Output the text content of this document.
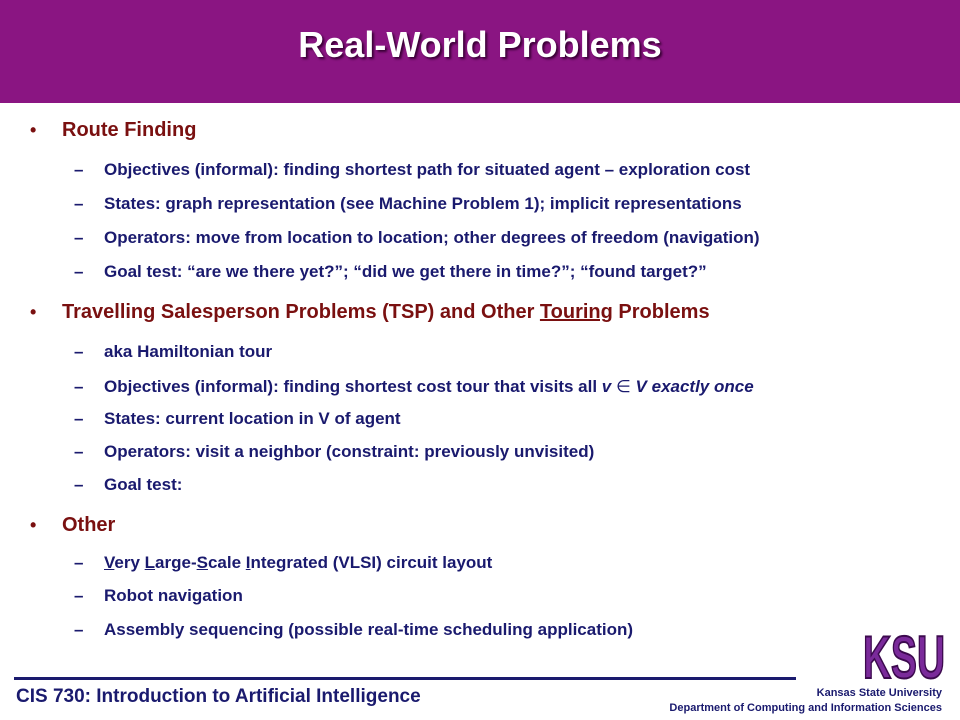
Real-World Problems
• Route Finding
– Objectives (informal): finding shortest path for situated agent – exploration cost
– States: graph representation (see Machine Problem 1); implicit representations
– Operators: move from location to location; other degrees of freedom (navigation)
– Goal test: “are we there yet?”; “did we get there in time?”; “found target?”
• Travelling Salesperson Problems (TSP) and Other Touring Problems
– aka Hamiltonian tour
– Objectives (informal): finding shortest cost tour that visits all v ∈ V exactly once
– States: current location in V of agent
– Operators: visit a neighbor (constraint: previously unvisited)
– Goal test:
• Other
– Very Large-Scale Integrated (VLSI) circuit layout
– Robot navigation
– Assembly sequencing (possible real-time scheduling application)	KSU
CIS 730: Introduction to Artificial Intelligence	Kansas State University
Department of Computing and Information Sciences
